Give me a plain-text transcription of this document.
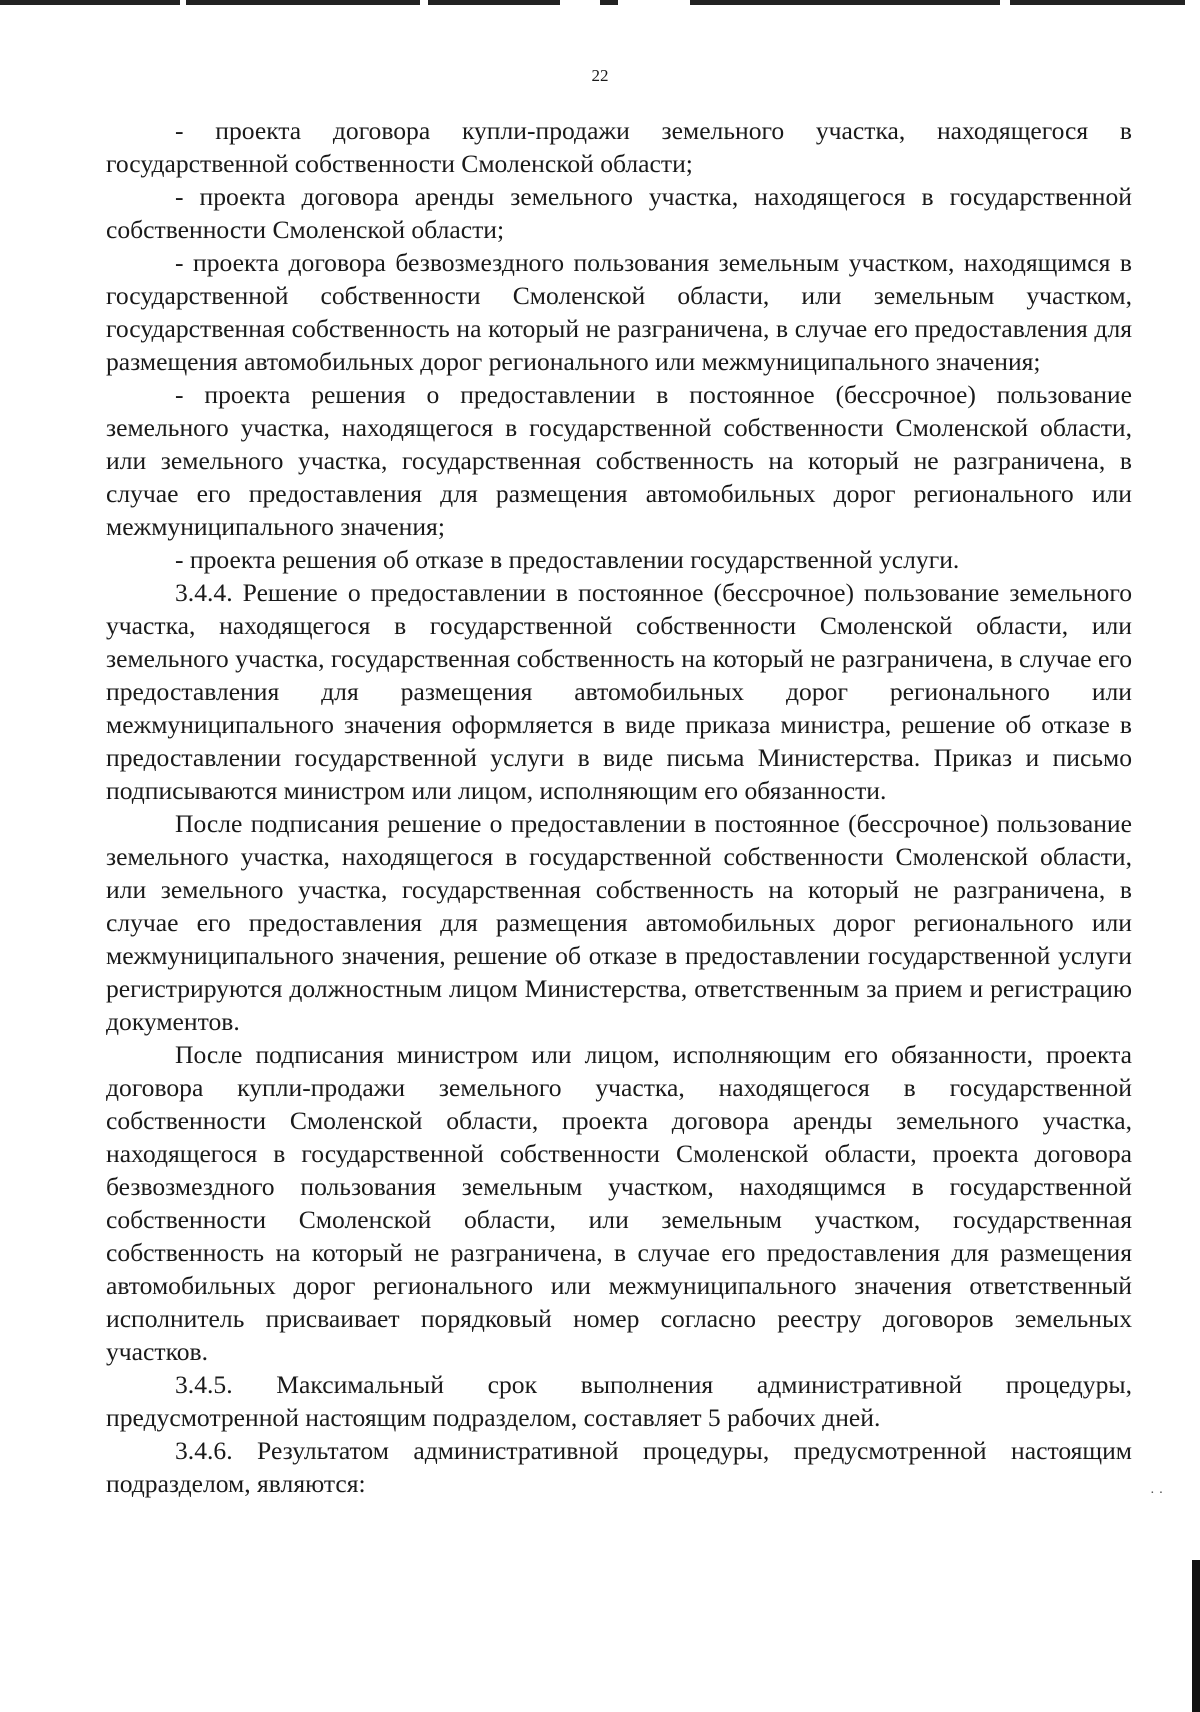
··
22

- проекта договора купли-продажи земельного участка, находящегося в государственной собственности Смоленской области;

- проекта договора аренды земельного участка, находящегося в государственной собственности Смоленской области;

- проекта договора безвозмездного пользования земельным участком, находящимся в государственной собственности Смоленской области, или земельным участком, государственная собственность на который не разграничена, в случае его предоставления для размещения автомобильных дорог регионального или межмуниципального значения;

- проекта решения о предоставлении в постоянное (бессрочное) пользование земельного участка, находящегося в государственной собственности Смоленской области, или земельного участка, государственная собственность на который не разграничена, в случае его предоставления для размещения автомобильных дорог регионального или межмуниципального значения;

- проекта решения об отказе в предоставлении государственной услуги.

3.4.4. Решение о предоставлении в постоянное (бессрочное) пользование земельного участка, находящегося в государственной собственности Смоленской области, или земельного участка, государственная собственность на который не разграничена, в случае его предоставления для размещения автомобильных дорог регионального или межмуниципального значения оформляется в виде приказа министра, решение об отказе в предоставлении государственной услуги в виде письма Министерства. Приказ и письмо подписываются министром или лицом, исполняющим его обязанности.

После подписания решение о предоставлении в постоянное (бессрочное) пользование земельного участка, находящегося в государственной собственности Смоленской области, или земельного участка, государственная собственность на который не разграничена, в случае его предоставления для размещения автомобильных дорог регионального или межмуниципального значения, решение об отказе в предоставлении государственной услуги регистрируются должностным лицом Министерства, ответственным за прием и регистрацию документов.

После подписания министром или лицом, исполняющим его обязанности, проекта договора купли-продажи земельного участка, находящегося в государственной собственности Смоленской области, проекта договора аренды земельного участка, находящегося в государственной собственности Смоленской области, проекта договора безвозмездного пользования земельным участком, находящимся в государственной собственности Смоленской области, или земельным участком, государственная собственность на который не разграничена, в случае его предоставления для размещения автомобильных дорог регионального или межмуниципального значения ответственный исполнитель присваивает порядковый номер согласно реестру договоров земельных участков.

3.4.5. Максимальный срок выполнения административной процедуры, предусмотренной настоящим подразделом, составляет 5 рабочих дней.

3.4.6. Результатом административной процедуры, предусмотренной настоящим подразделом, являются:
